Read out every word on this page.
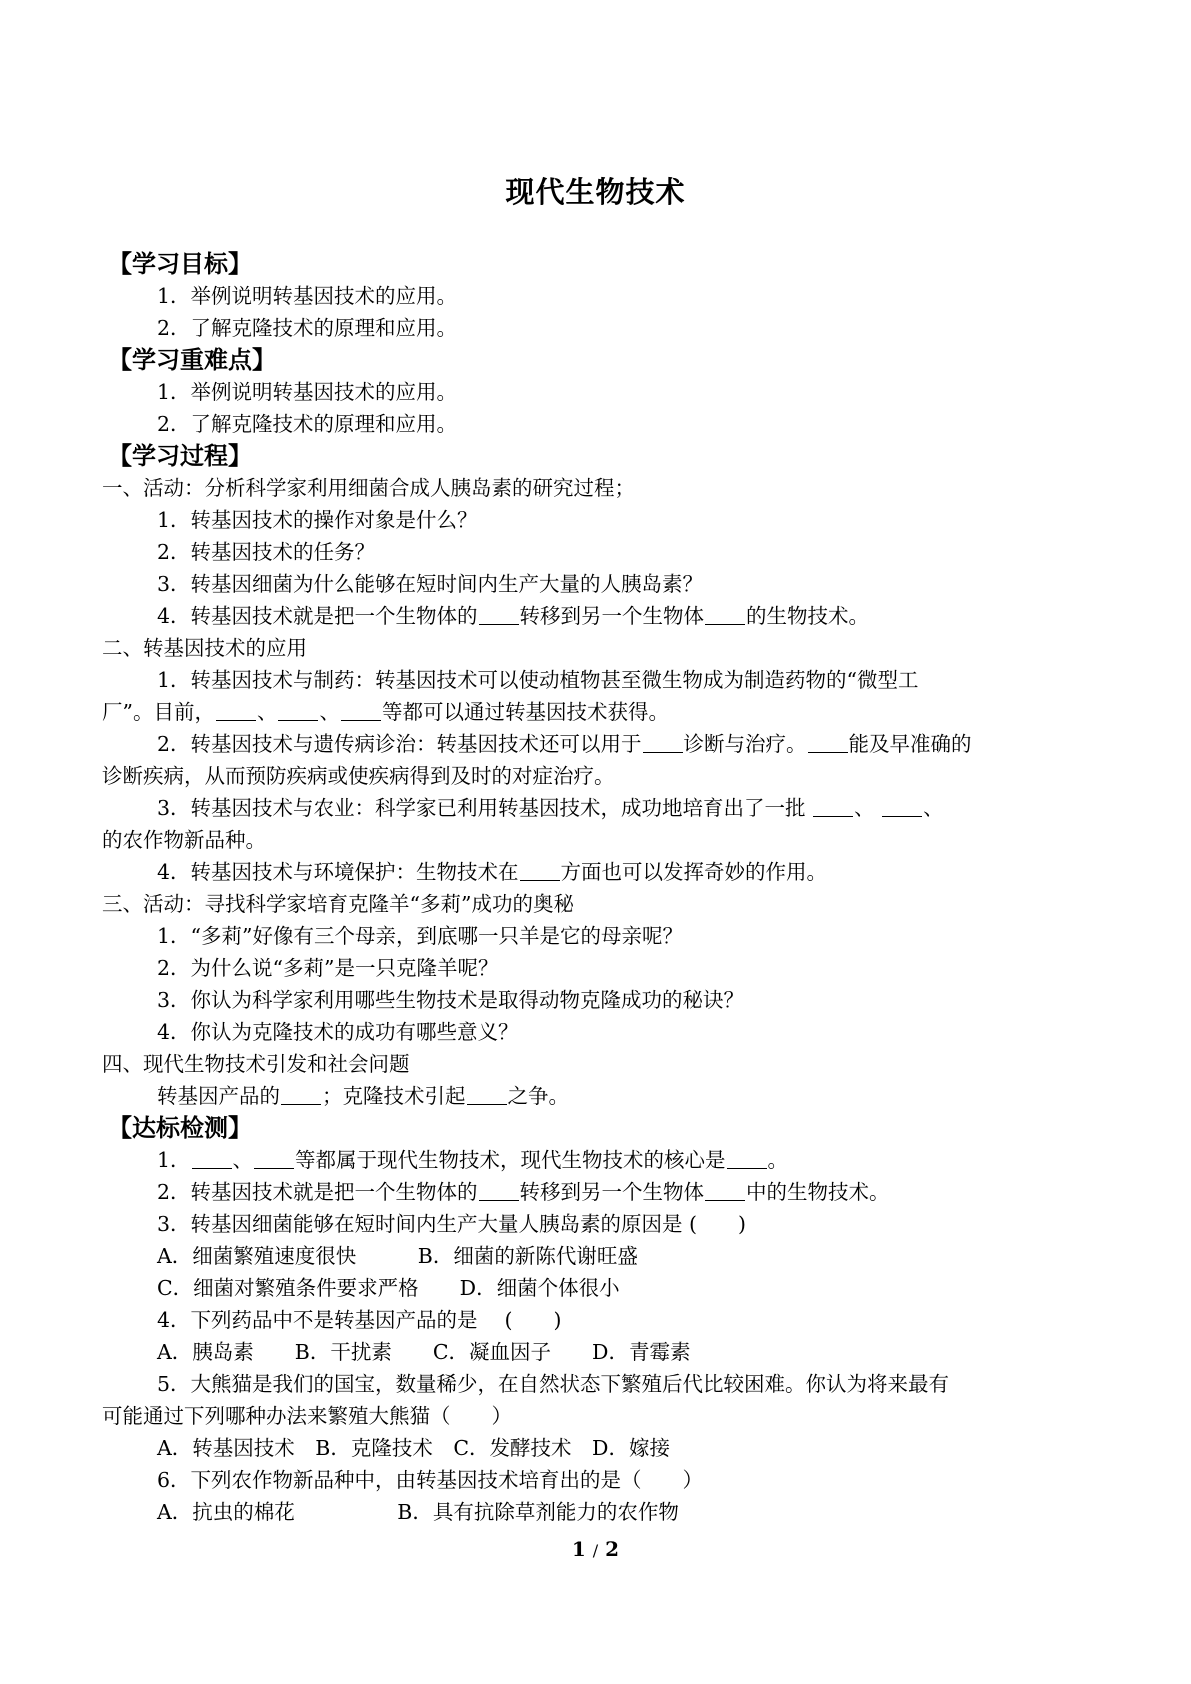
现代生物技术
【学习目标】
1．举例说明转基因技术的应用。
2．了解克隆技术的原理和应用。
【学习重难点】
1．举例说明转基因技术的应用。
2．了解克隆技术的原理和应用。
【学习过程】
一、活动：分析科学家利用细菌合成人胰岛素的研究过程；
1．转基因技术的操作对象是什么？
2．转基因技术的任务？
3．转基因细菌为什么能够在短时间内生产大量的人胰岛素？
4．转基因技术就是把一个生物体的 转移到另一个生物体 的生物技术。
二、转基因技术的应用
1．转基因技术与制药：转基因技术可以使动植物甚至微生物成为制造药物的“微型工
厂”。目前， 、 、 等都可以通过转基因技术获得。
2．转基因技术与遗传病诊治：转基因技术还可以用于 诊断与治疗。 能及早准确的
诊断疾病，从而预防疾病或使疾病得到及时的对症治疗。
3．转基因技术与农业：科学家已利用转基因技术，成功地培育出了一批 、 、
的农作物新品种。
4．转基因技术与环境保护：生物技术在 方面也可以发挥奇妙的作用。
三、活动：寻找科学家培育克隆羊“多莉”成功的奥秘
1．“多莉”好像有三个母亲，到底哪一只羊是它的母亲呢？
2．为什么说“多莉”是一只克隆羊呢？
3．你认为科学家利用哪些生物技术是取得动物克隆成功的秘诀？
4．你认为克隆技术的成功有哪些意义？
四、现代生物技术引发和社会问题
转基因产品的 ；克隆技术引起 之争。
【达标检测】
1． 、 等都属于现代生物技术，现代生物技术的核心是 。
2．转基因技术就是把一个生物体的 转移到另一个生物体 中的生物技术。
3．转基因细菌能够在短时间内生产大量人胰岛素的原因是 (　　)
A．细菌繁殖速度很快　　　B．细菌的新陈代谢旺盛
C．细菌对繁殖条件要求严格　　D．细菌个体很小
4．下列药品中不是转基因产品的是　 (　　)
A．胰岛素　　B．干扰素　　C．凝血因子　　D．青霉素
5．大熊猫是我们的国宝，数量稀少，在自然状态下繁殖后代比较困难。你认为将来最有
可能通过下列哪种办法来繁殖大熊猫（　　）
A．转基因技术　B．克隆技术　C．发酵技术　D．嫁接
6．下列农作物新品种中，由转基因技术培育出的是（　　）
A．抗虫的棉花　　　　　B．具有抗除草剂能力的农作物
1 / 2
